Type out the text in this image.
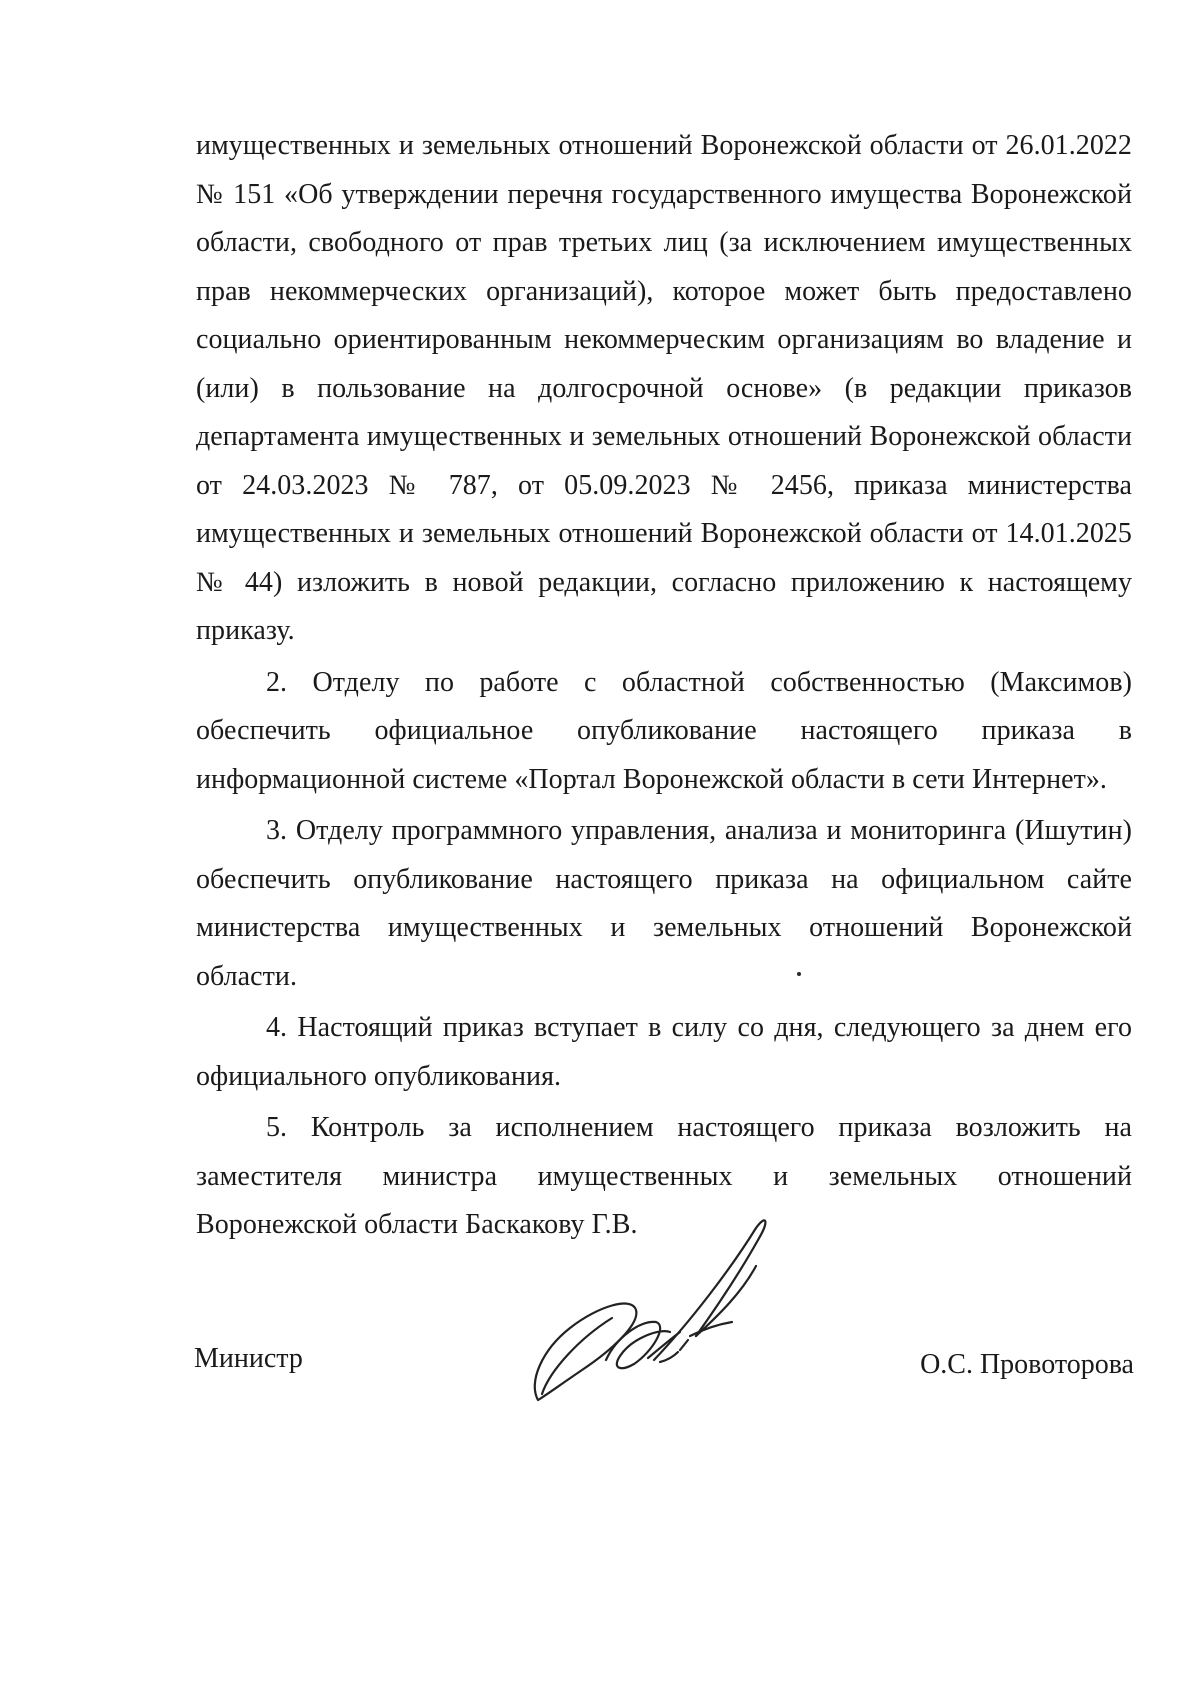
имущественных и земельных отношений Воронежской области от 26.01.2022 № 151 «Об утверждении перечня государственного имущества Воронежской области, свободного от прав третьих лиц (за исключением имущественных прав некоммерческих организаций), которое может быть предоставлено социально ориентированным некоммерческим организациям во владение и (или) в пользование на долгосрочной основе» (в редакции приказов департамента имущественных и земельных отношений Воронежской области от 24.03.2023 № 787, от 05.09.2023 № 2456, приказа министерства имущественных и земельных отношений Воронежской области от 14.01.2025 № 44) изложить в новой редакции, согласно приложению к настоящему приказу.

2. Отделу по работе с областной собственностью (Максимов) обеспечить официальное опубликование настоящего приказа в информационной системе «Портал Воронежской области в сети Интернет».

3. Отделу программного управления, анализа и мониторинга (Ишутин) обеспечить опубликование настоящего приказа на официальном сайте министерства имущественных и земельных отношений Воронежской области.

4. Настоящий приказ вступает в силу со дня, следующего за днем его официального опубликования.

5. Контроль за исполнением настоящего приказа возложить на заместителя министра имущественных и земельных отношений Воронежской области Баскакову Г.В.

Министр	О.С. Провоторова
